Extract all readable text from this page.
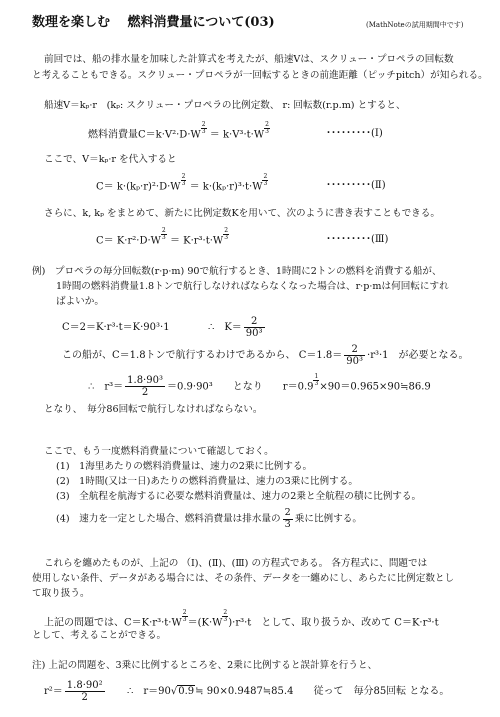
数理を楽しむ　 燃料消費量について(03)	(MathNoteの試用期間中です)
前回では、船の排水量を加味した計算式を考えたが、船速Vは、スクリュー・プロペラの回転数
と考えることもできる。スクリュー・プロペラが一回転するときの前進距離（ピッチpitch）が知られる。
船速V＝kₚ·r　(kₚ: スクリュー・プロペラの比例定数、 r: 回転数(r.p.m) とすると、
燃料消費量$C=k\cdot V^2\cdot D\cdot W \frac{2}{3} = k\cdot V^3\cdot t\cdot W \frac{2}{3}$	･････････(Ⅰ)
ここで、V＝kₚ·r を代入すると
$C= k\cdot(k_p\cdot r)^2\cdot D\cdot W \frac{2}{3} = k\cdot(k_p\cdot r)^3\cdot t\cdot W \frac{2}{3}$	･････････(Ⅱ)
さらに、k, kₚ をまとめて、新たに比例定数Kを用いて、次のように書き表すこともできる。
$C= K\cdot r^2\cdot D\cdot W \frac{2}{3} = K\cdot r^3\cdot t\cdot W \frac{2}{3}$	･････････(Ⅲ)
例)　プロペラの毎分回転数(r·p·m) 90で航行するとき、1時間に2トンの燃料を消費する船が、
1時間の燃料消費量1.8トンで航行しなければならなくなった場合は、r·p·mは何回転にすれ
ばよいか。
C＝2＝K·r³·t＝K·90³·1	∴　$K= \frac{2}{\text{90³}}$
この船が、C＝1.8トンで航行するわけであるから、 $C=1.8= \frac{2}{\text{90³}} \cdot r^3\cdot 1$　が必要となる。
∴　$r^3= \frac{\text{1.8·90³}}{2} =0.9\cdot 90^3$　　となり　　$r=0.9 \frac{1}{3}$ ×90＝0.965×90≒86.9
となり、　毎分86回転で航行しなければならない。
ここで、もう一度燃料消費量について確認しておく。
(1)　1海里あたりの燃料消費量は、速力の2乗に比例する。
(2)　1時間(又は一日)あたりの燃料消費量は、速力の3乗に比例する。
(3)　全航程を航海するに必要な燃料消費量は、速力の2乗と全航程の積に比例する。
(4)　速力を一定とした場合、燃料消費量は排水量の $\frac{2}{3}$ 乗に比例する。
これらを纏めたものが、上記の （Ⅰ)、(Ⅱ)、(Ⅲ) の方程式である。 各方程式に、問題では
使用しない条件、データがある場合には、その条件、データを一纏めにし、あらたに比例定数とし
て取り扱う。
上記の問題では、$C=K\cdot r^3\cdot t\cdot W \frac{2}{3} =(K\cdot W \frac{2}{3} )\cdot r^3\cdot t$　として、取り扱うか、改めて C＝K·r³·t
として、考えることができる。
注) 上記の問題を、3乗に比例するところを、2乗に比例すると誤計算を行うと、
$r^2= \frac{\text{1.8·90²}}{2}$ ∴　r＝90√0.9≒ 90×0.9487≒85.4　　従って　毎分85回転 となる。
